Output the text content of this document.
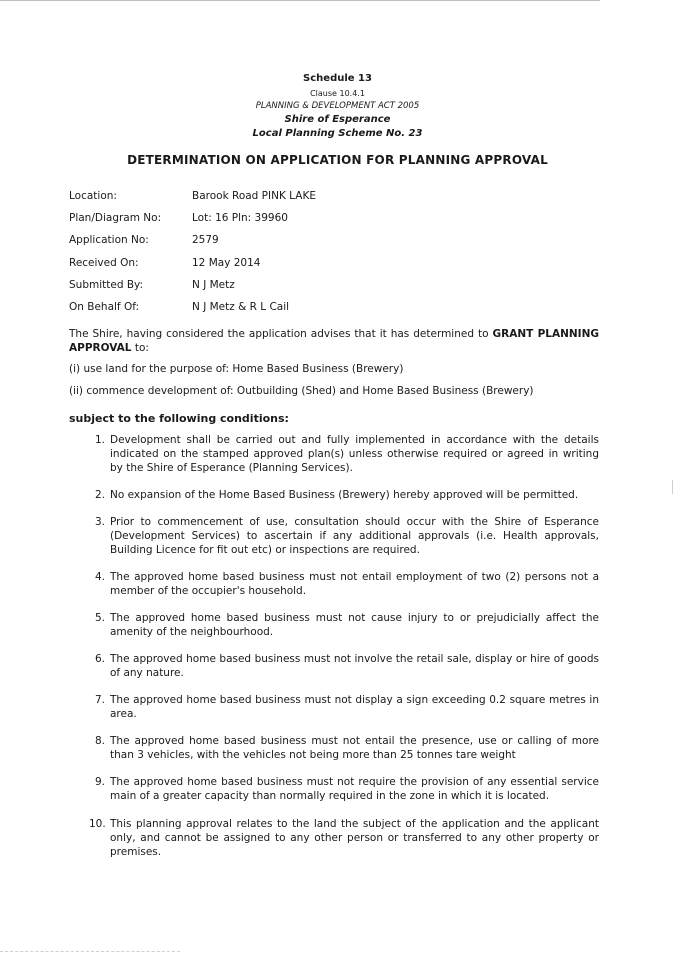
Schedule 13
Clause 10.4.1
PLANNING & DEVELOPMENT ACT 2005
Shire of Esperance
Local Planning Scheme No. 23
DETERMINATION ON APPLICATION FOR PLANNING APPROVAL
Location:	Barook Road PINK LAKE
Plan/Diagram No:	Lot: 16 Pln: 39960
Application No:	2579
Received On:	12 May 2014
Submitted By:	N J Metz
On Behalf Of:	N J Metz & R L Cail
The Shire, having considered the application advises that it has determined to GRANT PLANNING APPROVAL to:
(i) use land for the purpose of: Home Based Business (Brewery)
(ii) commence development of: Outbuilding (Shed) and Home Based Business (Brewery)
subject to the following conditions:
1. Development shall be carried out and fully implemented in accordance with the details indicated on the stamped approved plan(s) unless otherwise required or agreed in writing by the Shire of Esperance (Planning Services).
2. No expansion of the Home Based Business (Brewery) hereby approved will be permitted.
3. Prior to commencement of use, consultation should occur with the Shire of Esperance (Development Services) to ascertain if any additional approvals (i.e. Health approvals, Building Licence for fit out etc) or inspections are required.
4. The approved home based business must not entail employment of two (2) persons not a member of the occupier's household.
5. The approved home based business must not cause injury to or prejudicially affect the amenity of the neighbourhood.
6. The approved home based business must not involve the retail sale, display or hire of goods of any nature.
7. The approved home based business must not display a sign exceeding 0.2 square metres in area.
8. The approved home based business must not entail the presence, use or calling of more than 3 vehicles, with the vehicles not being more than 25 tonnes tare weight
9. The approved home based business must not require the provision of any essential service main of a greater capacity than normally required in the zone in which it is located.
10. This planning approval relates to the land the subject of the application and the applicant only, and cannot be assigned to any other person or transferred to any other property or premises.
